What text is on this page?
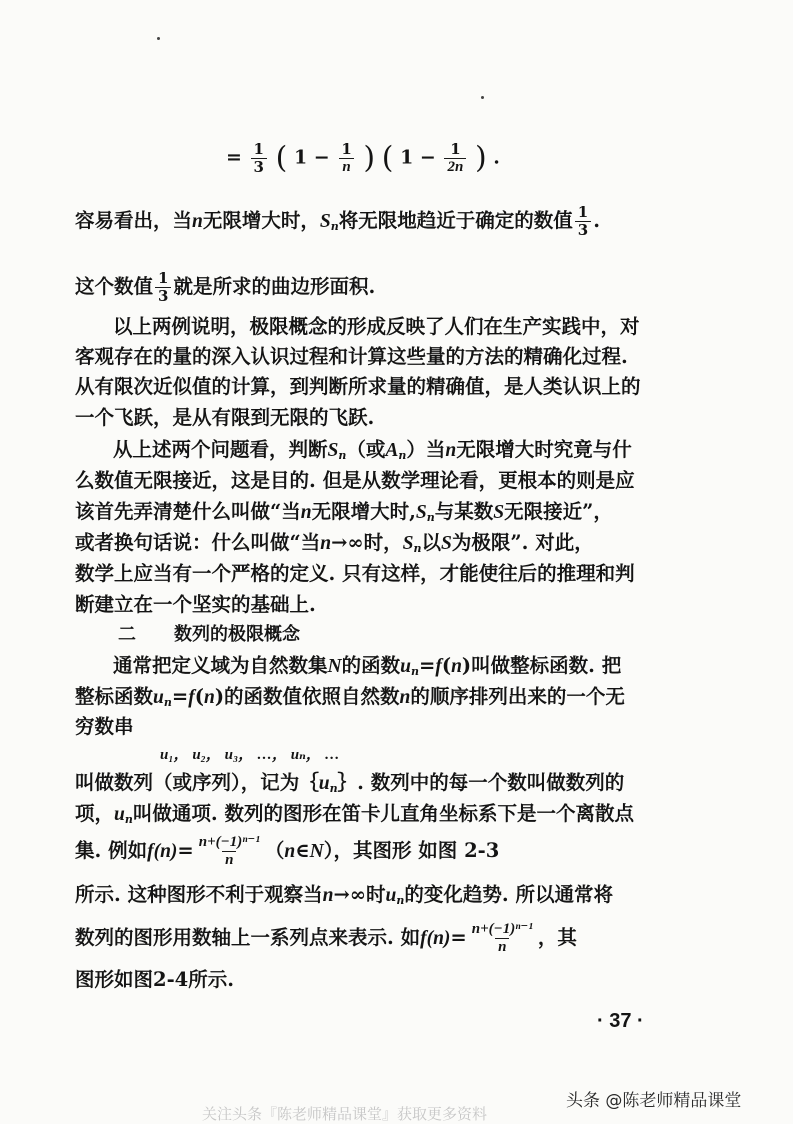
= $\frac{1}{3}$ ( $1 - \frac{1}{n}$ ) ( $1 - \frac{1}{2n}$ ) .
容易看出，当n无限增大时，$S_n$将无限地趋近于确定的数值 $\frac{1}{3}$ .
这个数值 $\frac{1}{3}$ 就是所求的曲边形面积.
以上两例说明，极限概念的形成反映了人们在生产实践中，对
客观存在的量的深入认识过程和计算这些量的方法的精确化过程.
从有限次近似值的计算，到判断所求量的精确值，是人类认识上的
一个飞跃，是从有限到无限的飞跃.
从上述两个问题看，判断$S_n$（或$A_n$）当n无限增大时究竟与什
么数值无限接近，这是目的. 但是从数学理论看，更根本的则是应
该首先弄清楚什么叫做“当n无限增大时$,S_n$与某数S无限接近”，
或者换句话说：什么叫做“当n→∞时，$S_n$以S为极限”. 对此，
数学上应当有一个严格的定义. 只有这样，才能使往后的推理和判
断建立在一个坚实的基础上.
二 数列的极限概念
通常把定义域为自然数集N的函数$u_n=f(n)$叫做整标函数. 把
整标函数$u_n=f(n)$的函数值依照自然数n的顺序排列出来的一个无
穷数串
u₁， u₂， u₃， …， uₙ， …
叫做数列（或序列），记为$\{u_n\}$. 数列中的每一个数叫做数列的
项，$u_n$叫做通项. 数列的图形在笛卡儿直角坐标系下是一个离散点
集. 例如$f(n)= \frac{\text{n+(−1)ⁿ⁻¹}}{n}$ （n∈N），其图形 如图 2-3
所示. 这种图形不利于观察当n→∞时$u_n$的变化趋势. 所以通常将
数列的图形用数轴上一系列点来表示. 如$f(n)= \frac{\text{n+(−1)ⁿ⁻¹}}{n}$ ，其
图形如图2-4所示.
· 37 ·
头条 @陈老师精品课堂
关注头条『陈老师精品课堂』获取更多资料
